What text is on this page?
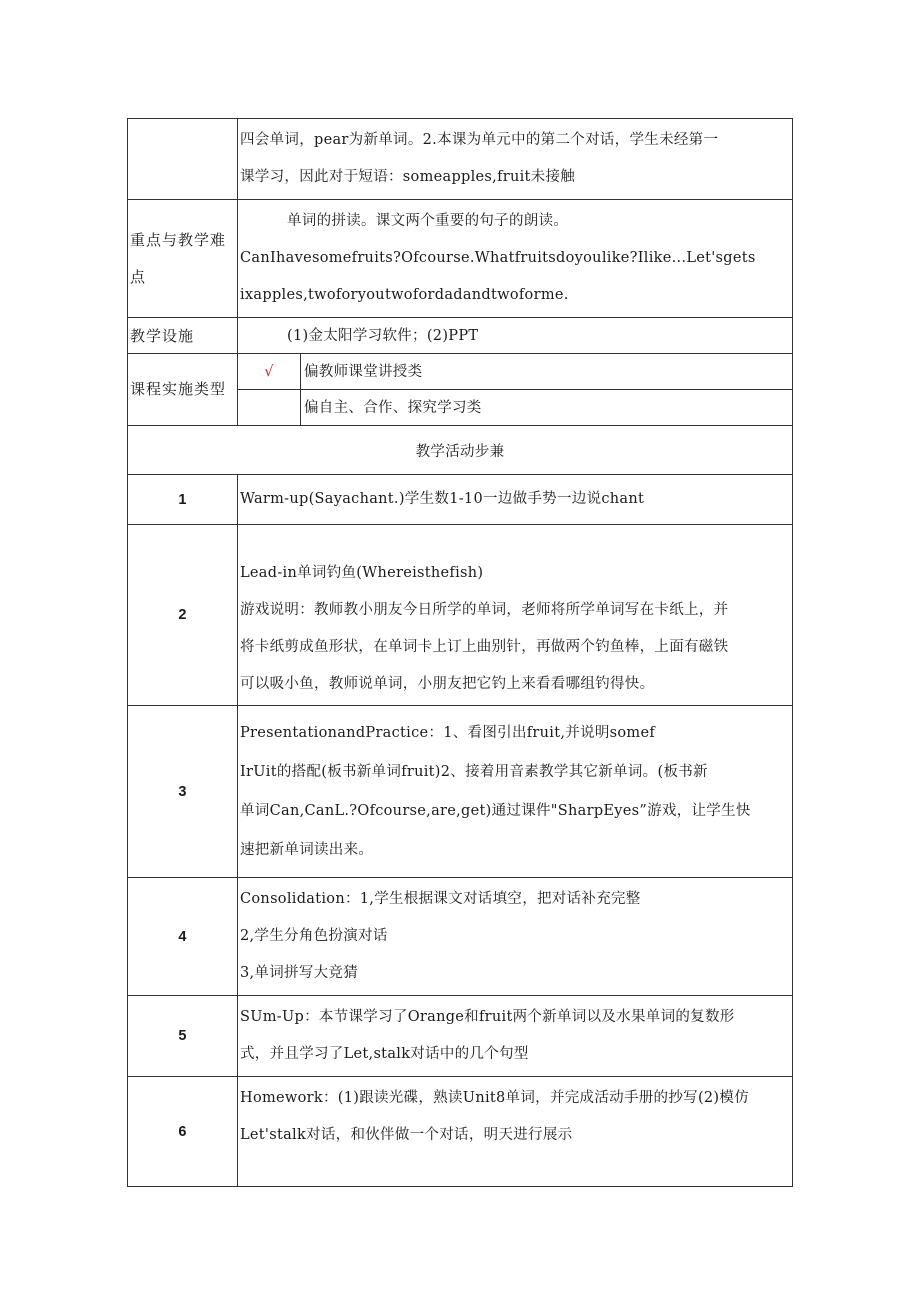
	四会单词，pear为新单词。2.本课为单元中的第二个对话，学生未经第一
课学习，因此对于短语：someapples,fruit未接触	

重点与教学难点	单词的拼读。课文两个重要的句子的朗读。
CanIhavesomefruits?Ofcourse.Whatfruitsdoyoulike?Ilike...Let'sgets
ixapples,twoforyoutwofordadandtwoforme.	

教学设施	(1)金太阳学习软件；(2)PPT	

课程实施类型	√	偏教师课堂讲授类

		偏自主、合作、探究学习类

教学活动步兼		
1	Warm-up(Sayachant.)学生数1-10一边做手势一边说chant	

2	Lead-in单词钓鱼(Whereisthefish)
游戏说明：教师教小朋友今日所学的单词，老师将所学单词写在卡纸上，并
将卡纸剪成鱼形状，在单词卡上订上曲别针，再做两个钓鱼棒，上面有磁铁
可以吸小鱼，教师说单词，小朋友把它钓上来看看哪组钓得快。	

3	PresentationandPractice：1、看图引出fruit,并说明somef
IrUit的搭配(板书新单词fruit)2、接着用音素教学其它新单词。(板书新
单词Can,CanL.?Ofcourse,are,get)通过课件"SharpEyes”游戏，让学生快
速把新单词读出来。	

4	Consolidation：1,学生根据课文对话填空，把对话补充完整
2,学生分角色扮演对话
3,单词拼写大竞猜	

5	SUm-Up：本节课学习了Orange和fruit两个新单词以及水果单词的复数形
式，并且学习了Let,stalk对话中的几个句型	

6	Homework：(1)跟读光碟，熟读Unit8单词，并完成活动手册的抄写(2)模仿
Let'stalk对话，和伙伴做一个对话，明天进行展示	
